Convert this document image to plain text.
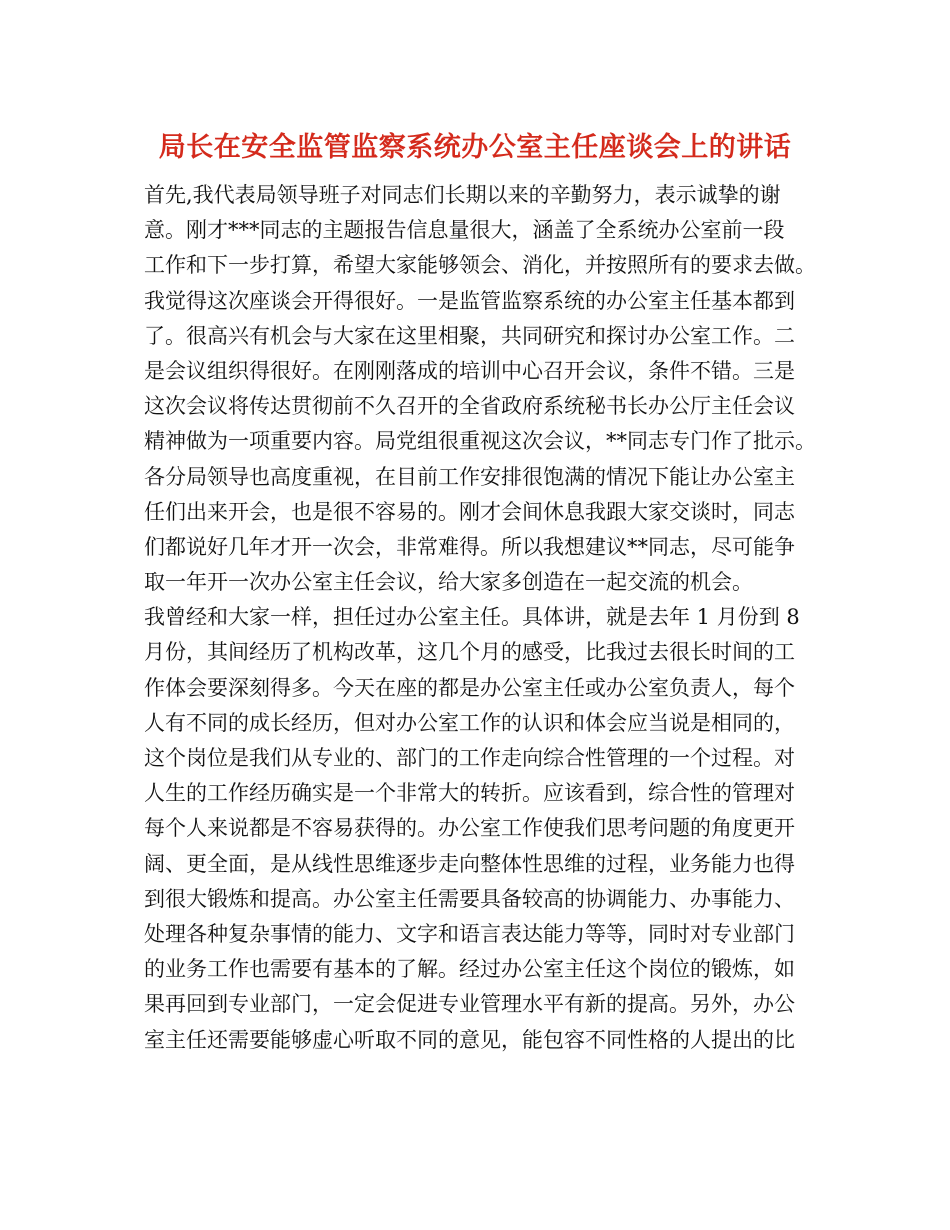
局长在安全监管监察系统办公室主任座谈会上的讲话
首先,我代表局领导班子对同志们长期以来的辛勤努力，表示诚挚的谢
意。刚才***同志的主题报告信息量很大，涵盖了全系统办公室前一段
工作和下一步打算，希望大家能够领会、消化，并按照所有的要求去做。
我觉得这次座谈会开得很好。一是监管监察系统的办公室主任基本都到
了。很高兴有机会与大家在这里相聚，共同研究和探讨办公室工作。二
是会议组织得很好。在刚刚落成的培训中心召开会议，条件不错。三是
这次会议将传达贯彻前不久召开的全省政府系统秘书长办公厅主任会议
精神做为一项重要内容。局党组很重视这次会议，**同志专门作了批示。
各分局领导也高度重视，在目前工作安排很饱满的情况下能让办公室主
任们出来开会，也是很不容易的。刚才会间休息我跟大家交谈时，同志
们都说好几年才开一次会，非常难得。所以我想建议**同志，尽可能争
取一年开一次办公室主任会议，给大家多创造在一起交流的机会。
我曾经和大家一样，担任过办公室主任。具体讲，就是去年 1 月份到 8
月份，其间经历了机构改革，这几个月的感受，比我过去很长时间的工
作体会要深刻得多。今天在座的都是办公室主任或办公室负责人，每个
人有不同的成长经历，但对办公室工作的认识和体会应当说是相同的，
这个岗位是我们从专业的、部门的工作走向综合性管理的一个过程。对
人生的工作经历确实是一个非常大的转折。应该看到，综合性的管理对
每个人来说都是不容易获得的。办公室工作使我们思考问题的角度更开
阔、更全面，是从线性思维逐步走向整体性思维的过程，业务能力也得
到很大锻炼和提高。办公室主任需要具备较高的协调能力、办事能力、
处理各种复杂事情的能力、文字和语言表达能力等等，同时对专业部门
的业务工作也需要有基本的了解。经过办公室主任这个岗位的锻炼，如
果再回到专业部门，一定会促进专业管理水平有新的提高。另外，办公
室主任还需要能够虚心听取不同的意见，能包容不同性格的人提出的比
